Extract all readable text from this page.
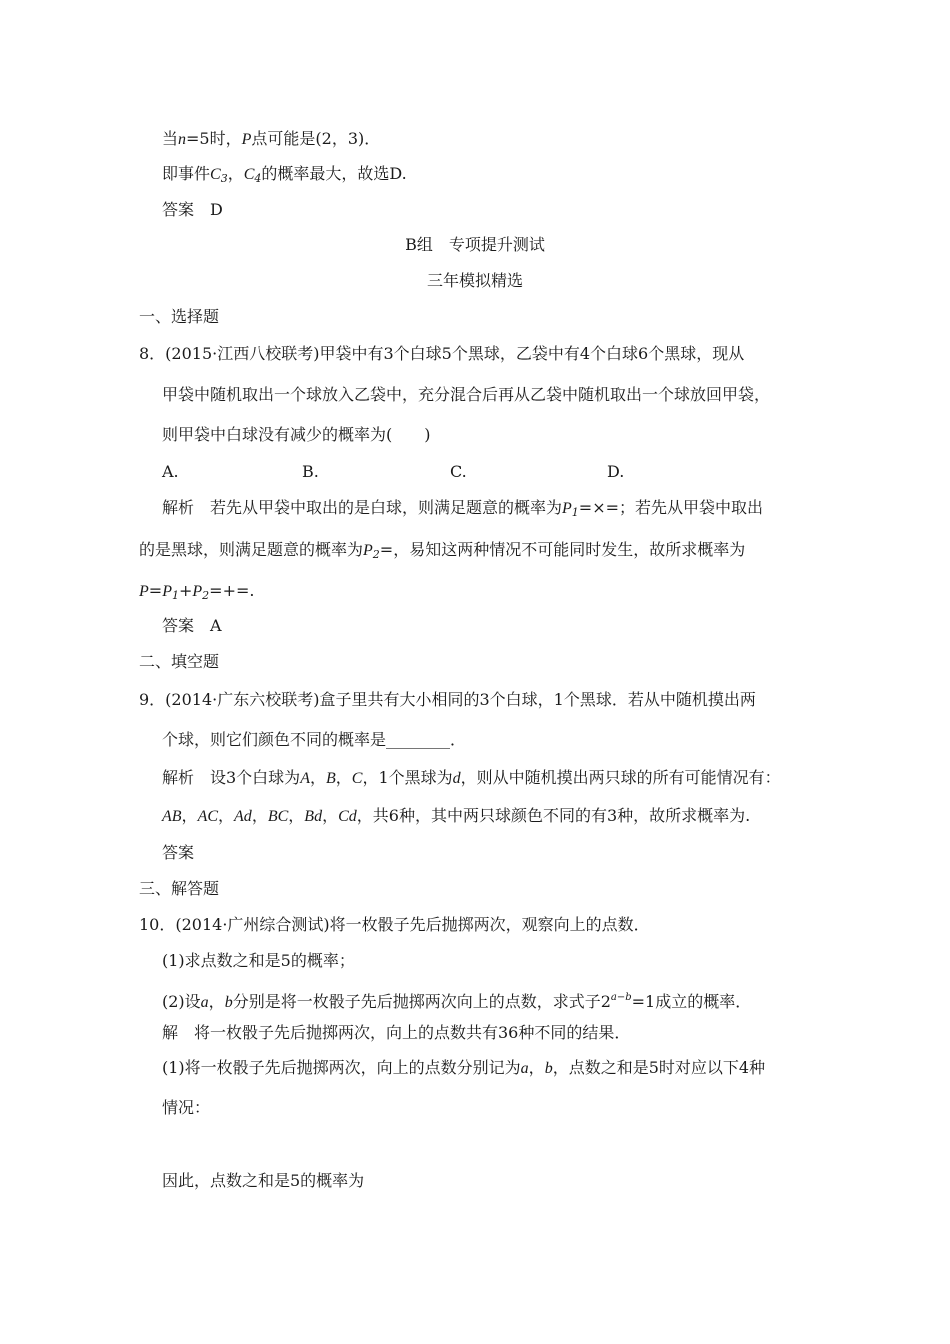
当n=5时，P点可能是(2，3)．
即事件$C_3$，$C_4$的概率最大，故选D.
答案　D
B组　专项提升测试
三年模拟精选
一、选择题
8．(2015·江西八校联考)甲袋中有3个白球5个黑球，乙袋中有4个白球6个黑球，现从
甲袋中随机取出一个球放入乙袋中，充分混合后再从乙袋中随机取出一个球放回甲袋，
则甲袋中白球没有减少的概率为(　　)
A.	B.	C.	D.
解析　若先从甲袋中取出的是白球，则满足题意的概率为$P_1=\times=$；若先从甲袋中取出
的是黑球，则满足题意的概率为$P_2=$，易知这两种情况不可能同时发生，故所求概率为
$P=P_1+P_2=+=$.
答案　A
二、填空题
9．(2014·广东六校联考)盒子里共有大小相同的3个白球，1个黑球．若从中随机摸出两
个球，则它们颜色不同的概率是________．
解析　设3个白球为A，B，C，1个黑球为d，则从中随机摸出两只球的所有可能情况有：
AB，AC，Ad，BC，Bd，Cd，共6种，其中两只球颜色不同的有3种，故所求概率为.
答案
三、解答题
10．(2014·广州综合测试)将一枚骰子先后抛掷两次，观察向上的点数．
(1)求点数之和是5的概率；
(2)设a，b分别是将一枚骰子先后抛掷两次向上的点数，求式子$2^{a-b}=1$成立的概率．
解　将一枚骰子先后抛掷两次，向上的点数共有36种不同的结果．
(1)将一枚骰子先后抛掷两次，向上的点数分别记为a，b，点数之和是5时对应以下4种
情况：
因此，点数之和是5的概率为
